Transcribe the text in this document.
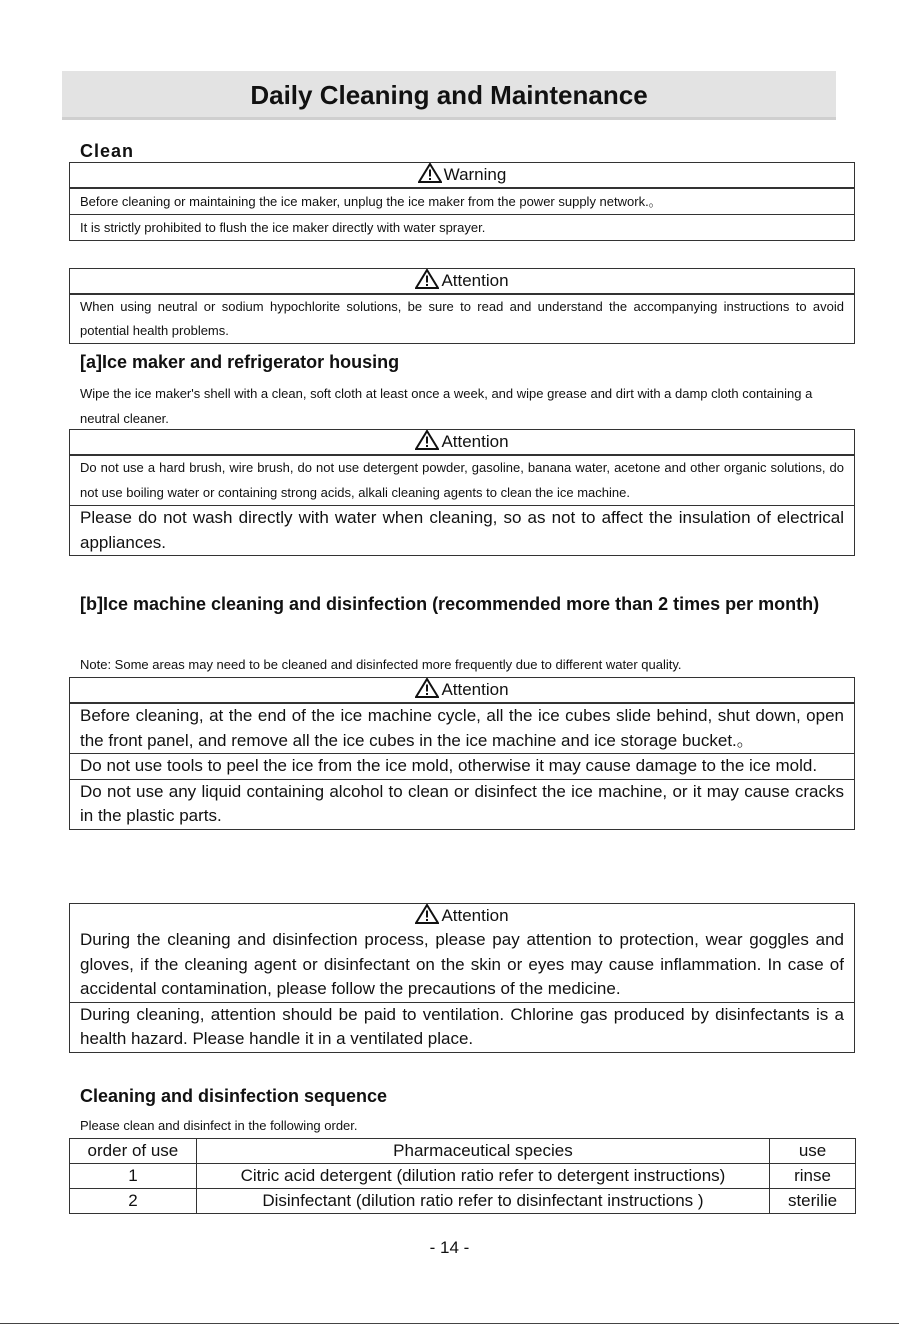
Daily Cleaning and Maintenance
Clean
Warning
Before cleaning or maintaining the ice maker, unplug the ice maker from the power supply network.。
It is strictly prohibited to flush the ice maker directly with water sprayer.
Attention
When using neutral or sodium hypochlorite solutions, be sure to read and understand the accompanying instructions to avoid potential health problems.
[a]Ice maker and refrigerator housing
Wipe the ice maker's shell with a clean, soft cloth at least once a week, and wipe grease and dirt with a damp cloth containing a neutral cleaner.
Attention
Do not use a hard brush, wire brush, do not use detergent powder, gasoline, banana water, acetone and other organic solutions, do not use boiling water or containing strong acids, alkali cleaning agents to clean the ice machine.
Please do not wash directly with water when cleaning, so as not to affect the insulation of electrical appliances.
[b]Ice machine cleaning and disinfection (recommended more than 2 times per month)
Note: Some areas may need to be cleaned and disinfected more frequently due to different water quality.
Attention
Before cleaning, at the end of the ice machine cycle, all the ice cubes slide behind, shut down, open the front panel, and remove all the ice cubes in the ice machine and ice storage bucket.。
Do not use tools to peel the ice from the ice mold, otherwise it may cause damage to the ice mold.
Do not use any liquid containing alcohol to clean or disinfect the ice machine, or it may cause cracks in the plastic parts.
Attention
During the cleaning and disinfection process, please pay attention to protection, wear goggles and gloves, if the cleaning agent or disinfectant on the skin or eyes may cause inflammation. In case of accidental contamination, please follow the precautions of the medicine.
During cleaning, attention should be paid to ventilation. Chlorine gas produced by disinfectants is a health hazard. Please handle it in a ventilated place.
Cleaning and disinfection sequence
Please clean and disinfect in the following order.
order of use	Pharmaceutical species	use
1	Citric acid detergent (dilution ratio refer to detergent instructions)	rinse
2	Disinfectant (dilution ratio refer to disinfectant instructions )	sterilie
- 14 -
